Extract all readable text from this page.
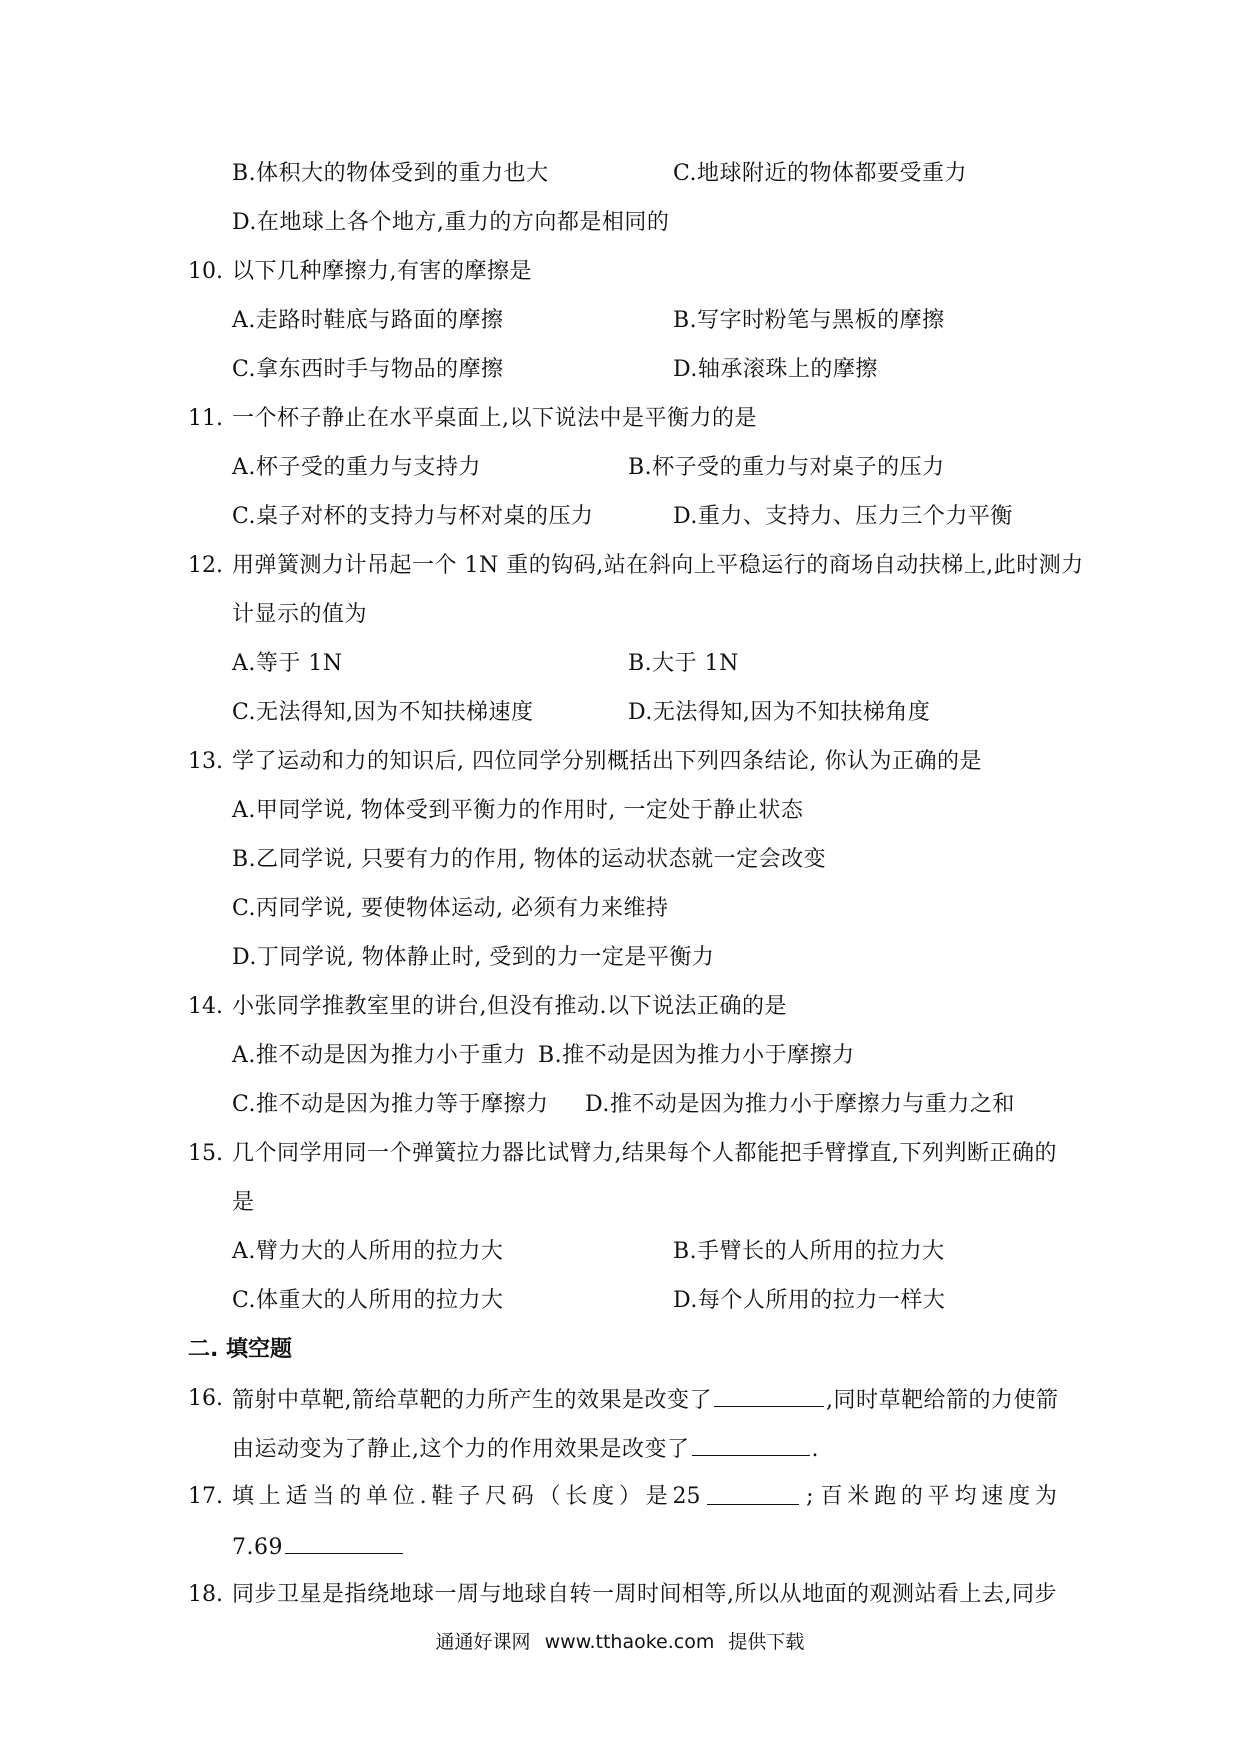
B.体积大的物体受到的重力也大	C.地球附近的物体都要受重力
D.在地球上各个地方,重力的方向都是相同的
10. 以下几种摩擦力,有害的摩擦是
A.走路时鞋底与路面的摩擦	B.写字时粉笔与黑板的摩擦
C.拿东西时手与物品的摩擦	D.轴承滚珠上的摩擦
11. 一个杯子静止在水平桌面上,以下说法中是平衡力的是
A.杯子受的重力与支持力	B.杯子受的重力与对桌子的压力
C.桌子对杯的支持力与杯对桌的压力	D.重力、支持力、压力三个力平衡
12. 用弹簧测力计吊起一个 1N 重的钩码,站在斜向上平稳运行的商场自动扶梯上,此时测力
计显示的值为
A.等于 1N	B.大于 1N
C.无法得知,因为不知扶梯速度	D.无法得知,因为不知扶梯角度
13. 学了运动和力的知识后, 四位同学分别概括出下列四条结论, 你认为正确的是
A.甲同学说, 物体受到平衡力的作用时, 一定处于静止状态
B.乙同学说, 只要有力的作用, 物体的运动状态就一定会改变
C.丙同学说, 要使物体运动, 必须有力来维持
D.丁同学说, 物体静止时, 受到的力一定是平衡力
14. 小张同学推教室里的讲台,但没有推动.以下说法正确的是
A.推不动是因为推力小于重力 B.推不动是因为推力小于摩擦力
C.推不动是因为推力等于摩擦力 D.推不动是因为推力小于摩擦力与重力之和
15. 几个同学用同一个弹簧拉力器比试臂力,结果每个人都能把手臂撑直,下列判断正确的
是
A.臂力大的人所用的拉力大	B.手臂长的人所用的拉力大
C.体重大的人所用的拉力大	D.每个人所用的拉力一样大
二. 填空题
16. 箭射中草靶,箭给草靶的力所产生的效果是改变了	,同时草靶给箭的力使箭
由运动变为了静止,这个力的作用效果是改变了	.
17. 填 上 适 当 的 单 位 . 鞋 子 尺 码 （ 长 度 ） 是 25	; 百 米 跑 的 平 均 速 度 为
7.69
18. 同步卫星是指绕地球一周与地球自转一周时间相等,所以从地面的观测站看上去,同步
通通好课网 www.tthaoke.com 提供下载
